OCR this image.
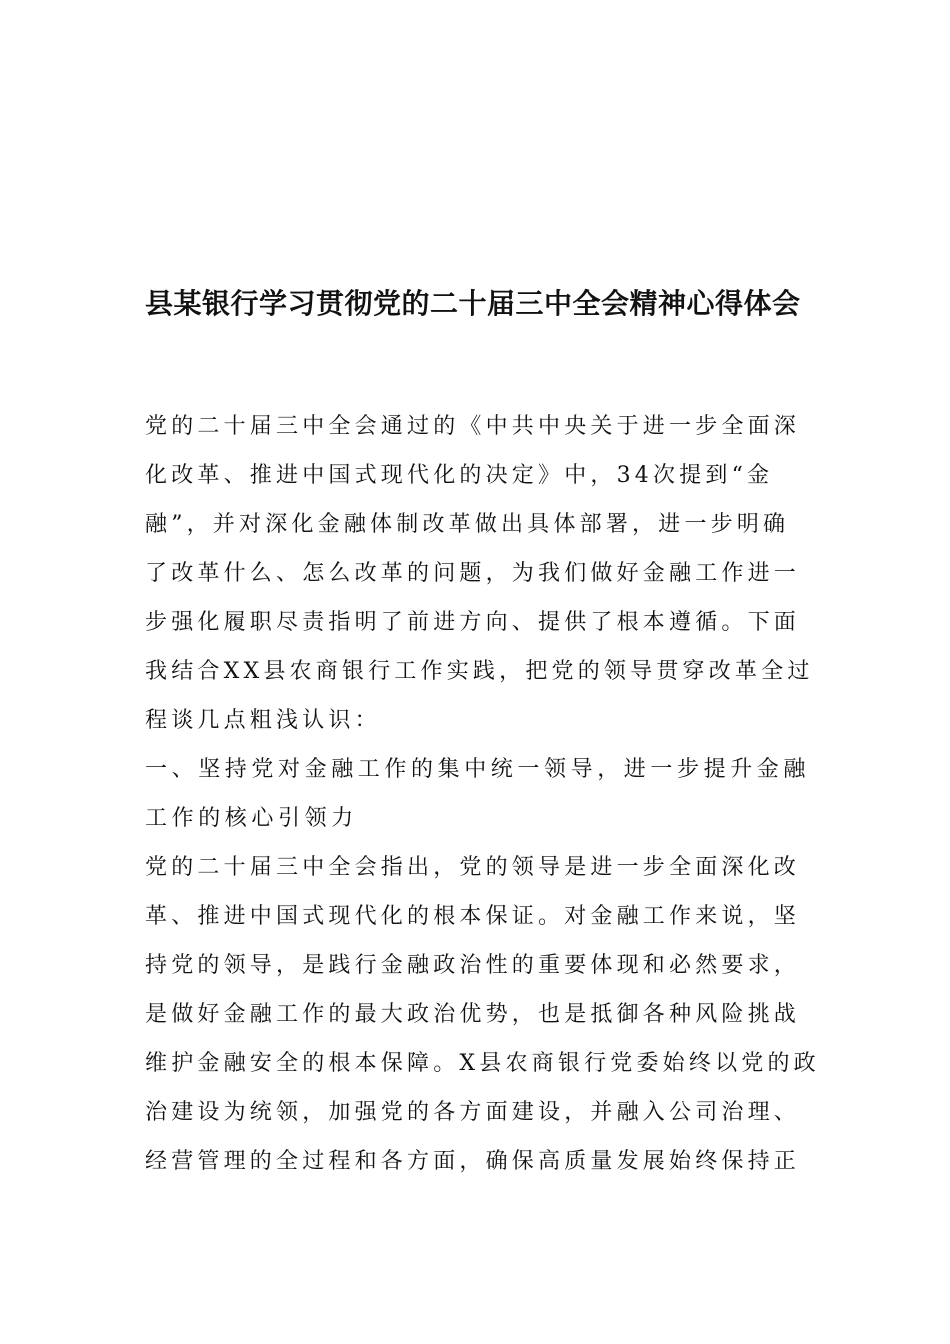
县某银行学习贯彻党的二十届三中全会精神心得体会

党的二十届三中全会通过的《中共中央关于进一步全面深

化改革、推进中国式现代化的决定》中，34次提到“金

融”，并对深化金融体制改革做出具体部署，进一步明确

了改革什么、怎么改革的问题，为我们做好金融工作进一

步强化履职尽责指明了前进方向、提供了根本遵循。下面

我结合XX县农商银行工作实践，把党的领导贯穿改革全过

程谈几点粗浅认识：

一、坚持党对金融工作的集中统一领导，进一步提升金融

工作的核心引领力

党的二十届三中全会指出，党的领导是进一步全面深化改

革、推进中国式现代化的根本保证。对金融工作来说，坚

持党的领导，是践行金融政治性的重要体现和必然要求，

是做好金融工作的最大政治优势，也是抵御各种风险挑战

维护金融安全的根本保障。X县农商银行党委始终以党的政

治建设为统领，加强党的各方面建设，并融入公司治理、

经营管理的全过程和各方面，确保高质量发展始终保持正
